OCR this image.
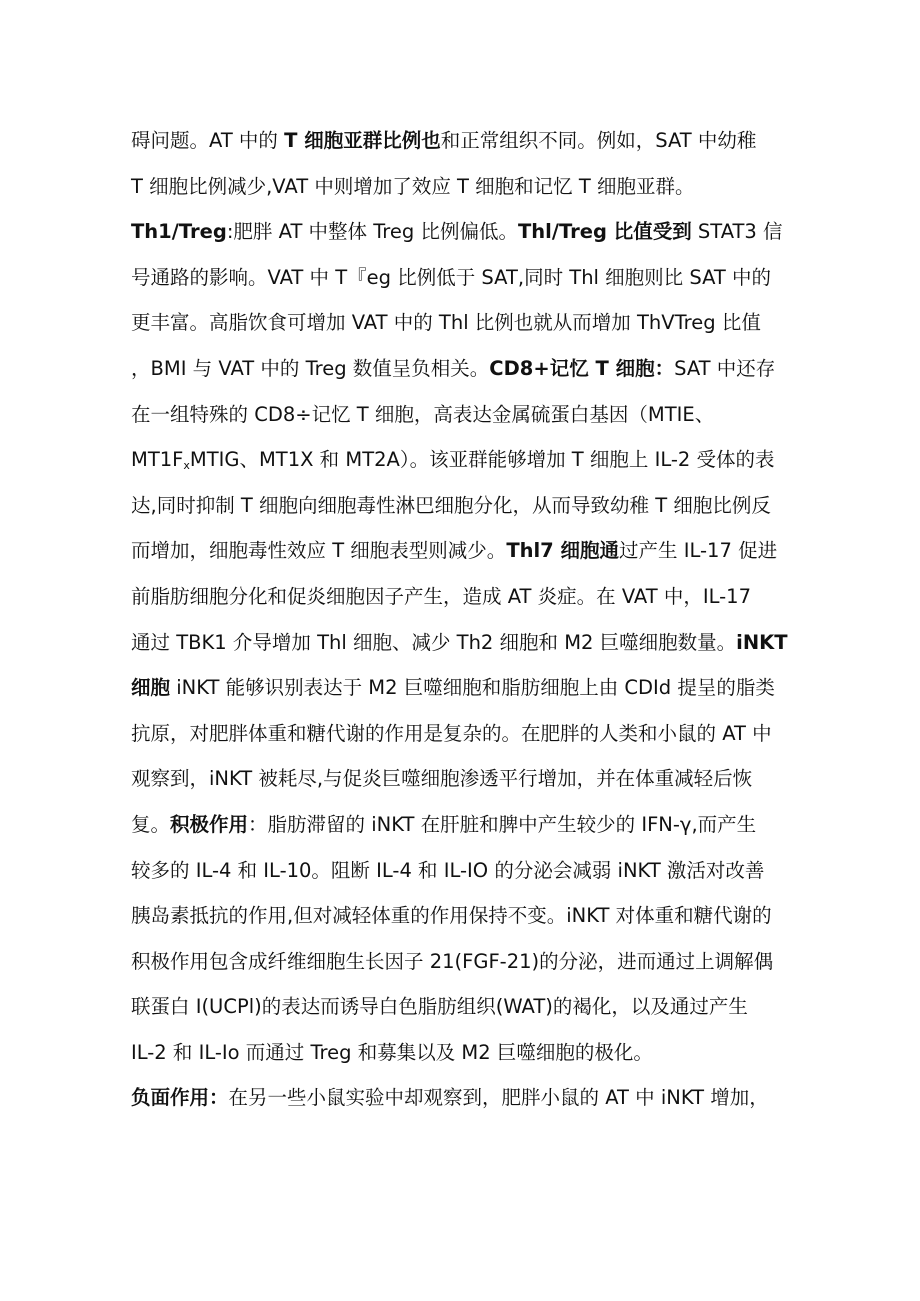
碍问题。AT 中的 T 细胞亚群比例也和正常组织不同。例如，SAT 中幼稚
T 细胞比例减少,VAT 中则增加了效应 T 细胞和记忆 T 细胞亚群。
Th1/Treg:肥胖 AT 中整体 Treg 比例偏低。Thl/Treg 比值受到 STAT3 信
号通路的影响。VAT 中 T『eg 比例低于 SAT,同时 Thl 细胞则比 SAT 中的
更丰富。高脂饮食可增加 VAT 中的 Thl 比例也就从而增加 ThVTreg 比值
，BMI 与 VAT 中的 Treg 数值呈负相关。CD8+记忆 T 细胞：SAT 中还存
在一组特殊的 CD8÷记忆 T 细胞，高表达金属硫蛋白基因（MTIE、
$MT1F_xMTIG$、MT1X 和 MT2A）。该亚群能够增加 T 细胞上 IL-2 受体的表
达,同时抑制 T 细胞向细胞毒性淋巴细胞分化，从而导致幼稚 T 细胞比例反
而增加，细胞毒性效应 T 细胞表型则减少。Thl7 细胞通过产生 IL-17 促进
前脂肪细胞分化和促炎细胞因子产生，造成 AT 炎症。在 VAT 中，IL-17
通过 TBK1 介导增加 Thl 细胞、减少 Th2 细胞和 M2 巨噬细胞数量。iNKT
细胞 iNKT 能够识别表达于 M2 巨噬细胞和脂肪细胞上由 CDId 提呈的脂类
抗原，对肥胖体重和糖代谢的作用是复杂的。在肥胖的人类和小鼠的 AT 中
观察到，iNKT 被耗尽,与促炎巨噬细胞渗透平行增加，并在体重减轻后恢
复。积极作用：脂肪滞留的 iNKT 在肝脏和脾中产生较少的 IFN-γ,而产生
较多的 IL-4 和 IL-10。阻断 IL-4 和 IL-IO 的分泌会减弱 iNKT 激活对改善
胰岛素抵抗的作用,但对减轻体重的作用保持不变。iNKT 对体重和糖代谢的
积极作用包含成纤维细胞生长因子 21(FGF-21)的分泌，进而通过上调解偶
联蛋白 I(UCPl)的表达而诱导白色脂肪组织(WAT)的褐化，以及通过产生
IL-2 和 IL-Io 而通过 Treg 和募集以及 M2 巨噬细胞的极化。
负面作用：在另一些小鼠实验中却观察到，肥胖小鼠的 AT 中 iNKT 增加，
